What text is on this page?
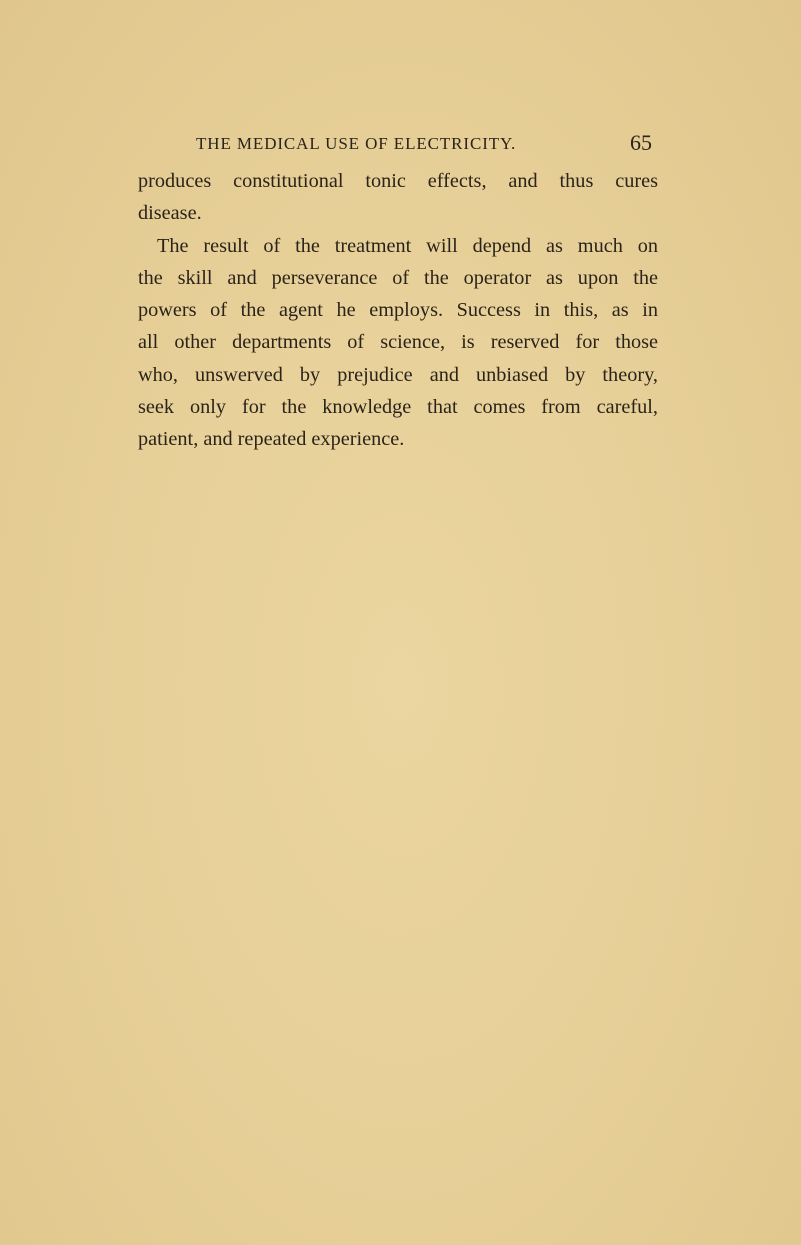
THE MEDICAL USE OF ELECTRICITY.	65
produces constitutional tonic effects, and thus cures
disease.
The result of the treatment will depend as much on
the skill and perseverance of the operator as upon the
powers of the agent he employs. Success in this, as in
all other departments of science, is reserved for those
who, unswerved by prejudice and unbiased by theory,
seek only for the knowledge that comes from careful,
patient, and repeated experience.
